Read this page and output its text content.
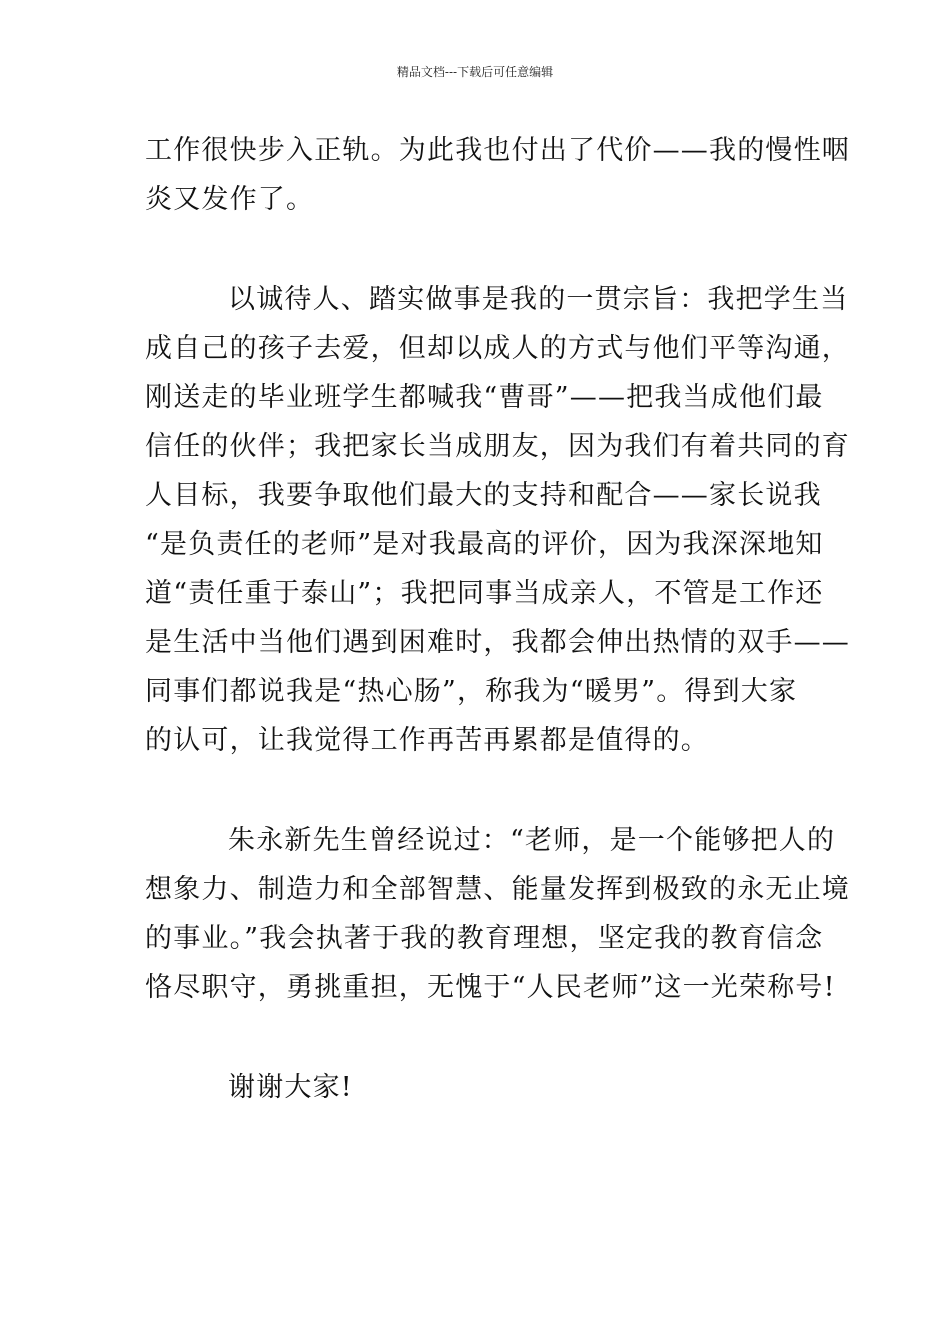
精品文档---下载后可任意编辑
工作很快步入正轨。为此我也付出了代价——我的慢性咽
炎又发作了。
以诚待人、踏实做事是我的一贯宗旨：我把学生当
成自己的孩子去爱，但却以成人的方式与他们平等沟通，
刚送走的毕业班学生都喊我“曹哥”——把我当成他们最
信任的伙伴；我把家长当成朋友，因为我们有着共同的育
人目标，我要争取他们最大的支持和配合——家长说我
“是负责任的老师”是对我最高的评价，因为我深深地知
道“责任重于泰山”；我把同事当成亲人，不管是工作还
是生活中当他们遇到困难时，我都会伸出热情的双手——
同事们都说我是“热心肠”，称我为“暖男”。得到大家
的认可，让我觉得工作再苦再累都是值得的。
朱永新先生曾经说过：“老师，是一个能够把人的
想象力、制造力和全部智慧、能量发挥到极致的永无止境
的事业。”我会执著于我的教育理想，坚定我的教育信念
恪尽职守，勇挑重担，无愧于“人民老师”这一光荣称号!
谢谢大家!
